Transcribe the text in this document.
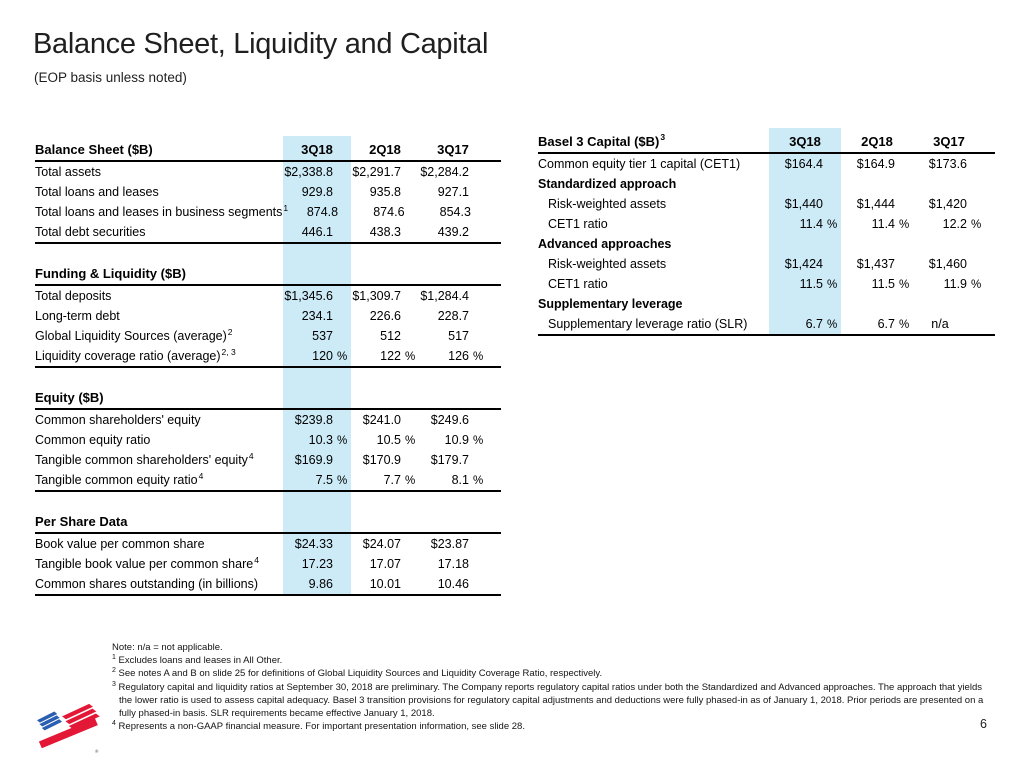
Balance Sheet, Liquidity and Capital
(EOP basis unless noted)
Balance Sheet ($B)	3Q18	2Q18	3Q17
Total assets	$2,338.8 $2,291.7 $2,284.2
Total loans and leases	929.8	935.8	927.1
Total loans and leases in business segments$^1$	874.8	874.6	854.3
Total debt securities	446.1	438.3	439.2
Funding & Liquidity ($B)
Total deposits	$1,345.6 $1,309.7 $1,284.4
Long-term debt	234.1	226.6	228.7
Global Liquidity Sources (average)$^2$	537	512	517
Liquidity coverage ratio (average)$^{2, 3}$	120 %	122 %	126 %
Equity ($B)
Common shareholders' equity	$239.8	$241.0	$249.6
Common equity ratio	10.3 %	10.5 %	10.9 %
Tangible common shareholders' equity$^4$	$169.9	$170.9	$179.7
Tangible common equity ratio$^4$	7.5 %	7.7 %	8.1 %
Per Share Data
Book value per common share	$24.33	$24.07	$23.87
Tangible book value per common share$^4$	17.23	17.07	17.18
Common shares outstanding (in billions)	9.86	10.01	10.46
Basel 3 Capital ($B)$^3$	3Q18	2Q18	3Q17
Common equity tier 1 capital (CET1)	$164.4	$164.9	$173.6
Standardized approach
Risk-weighted assets	$1,440	$1,444	$1,420
CET1 ratio	11.4 %	11.4 %	12.2 %
Advanced approaches
Risk-weighted assets	$1,424	$1,437	$1,460
CET1 ratio	11.5 %	11.5 %	11.9 %
Supplementary leverage
Supplementary leverage ratio (SLR)	6.7 %	6.7 %	n/a
Note: n/a = not applicable.
$^1$ Excludes loans and leases in All Other.
$^2$ See notes A and B on slide 25 for definitions of Global Liquidity Sources and Liquidity Coverage Ratio, respectively.
$^3$ Regulatory capital and liquidity ratios at September 30, 2018 are preliminary. The Company reports regulatory capital ratios under both the Standardized and Advanced approaches. The approach that yields the lower ratio is used to assess capital adequacy. Basel 3 transition provisions for regulatory capital adjustments and deductions were fully phased-in as of January 1, 2018. Prior periods are presented on a fully phased-in basis. SLR requirements became effective January 1, 2018.
$^4$ Represents a non-GAAP financial measure. For important presentation information, see slide 28.
®
6
